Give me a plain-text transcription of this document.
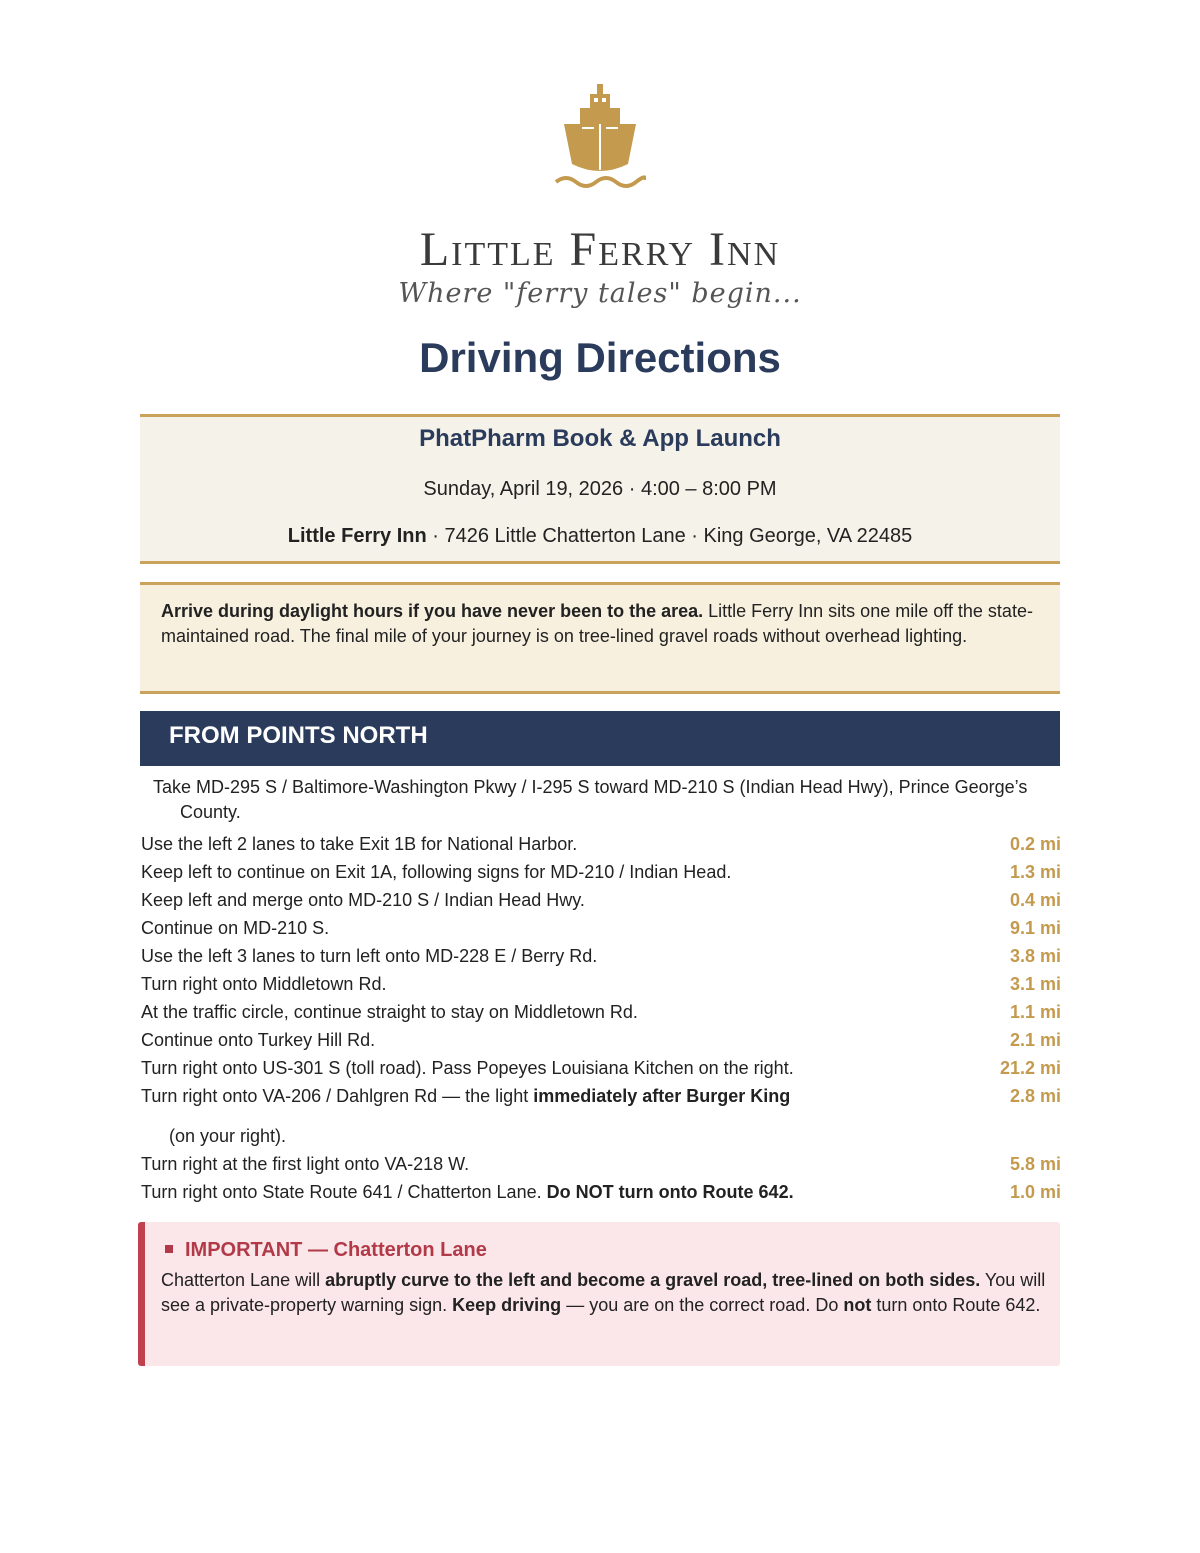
Little Ferry Inn
Where "ferry tales" begin...
Driving Directions
PhatPharm Book & App Launch
Sunday, April 19, 2026 · 4:00 – 8:00 PM
Little Ferry Inn · 7426 Little Chatterton Lane · King George, VA 22485
Arrive during daylight hours if you have never been to the area. Little Ferry Inn sits one mile off the state-maintained road. The final mile of your journey is on tree-lined gravel roads without overhead lighting.
FROM POINTS NORTH
Take MD-295 S / Baltimore-Washington Pkwy / I-295 S toward MD-210 S (Indian Head Hwy), Prince George’s County.
Use the left 2 lanes to take Exit 1B for National Harbor.	0.2 mi
Keep left to continue on Exit 1A, following signs for MD-210 / Indian Head.	1.3 mi
Keep left and merge onto MD-210 S / Indian Head Hwy.	0.4 mi
Continue on MD-210 S.	9.1 mi
Use the left 3 lanes to turn left onto MD-228 E / Berry Rd.	3.8 mi
Turn right onto Middletown Rd.	3.1 mi
At the traffic circle, continue straight to stay on Middletown Rd.	1.1 mi
Continue onto Turkey Hill Rd.	2.1 mi
Turn right onto US-301 S (toll road). Pass Popeyes Louisiana Kitchen on the right.	21.2 mi
Turn right onto VA-206 / Dahlgren Rd — the light immediately after Burger King	2.8 mi
(on your right).
Turn right at the first light onto VA-218 W.	5.8 mi
Turn right onto State Route 641 / Chatterton Lane. Do NOT turn onto Route 642.	1.0 mi
IMPORTANT — Chatterton Lane
Chatterton Lane will abruptly curve to the left and become a gravel road, tree-lined on both sides. You will see a private-property warning sign. Keep driving — you are on the correct road. Do not turn onto Route 642.
